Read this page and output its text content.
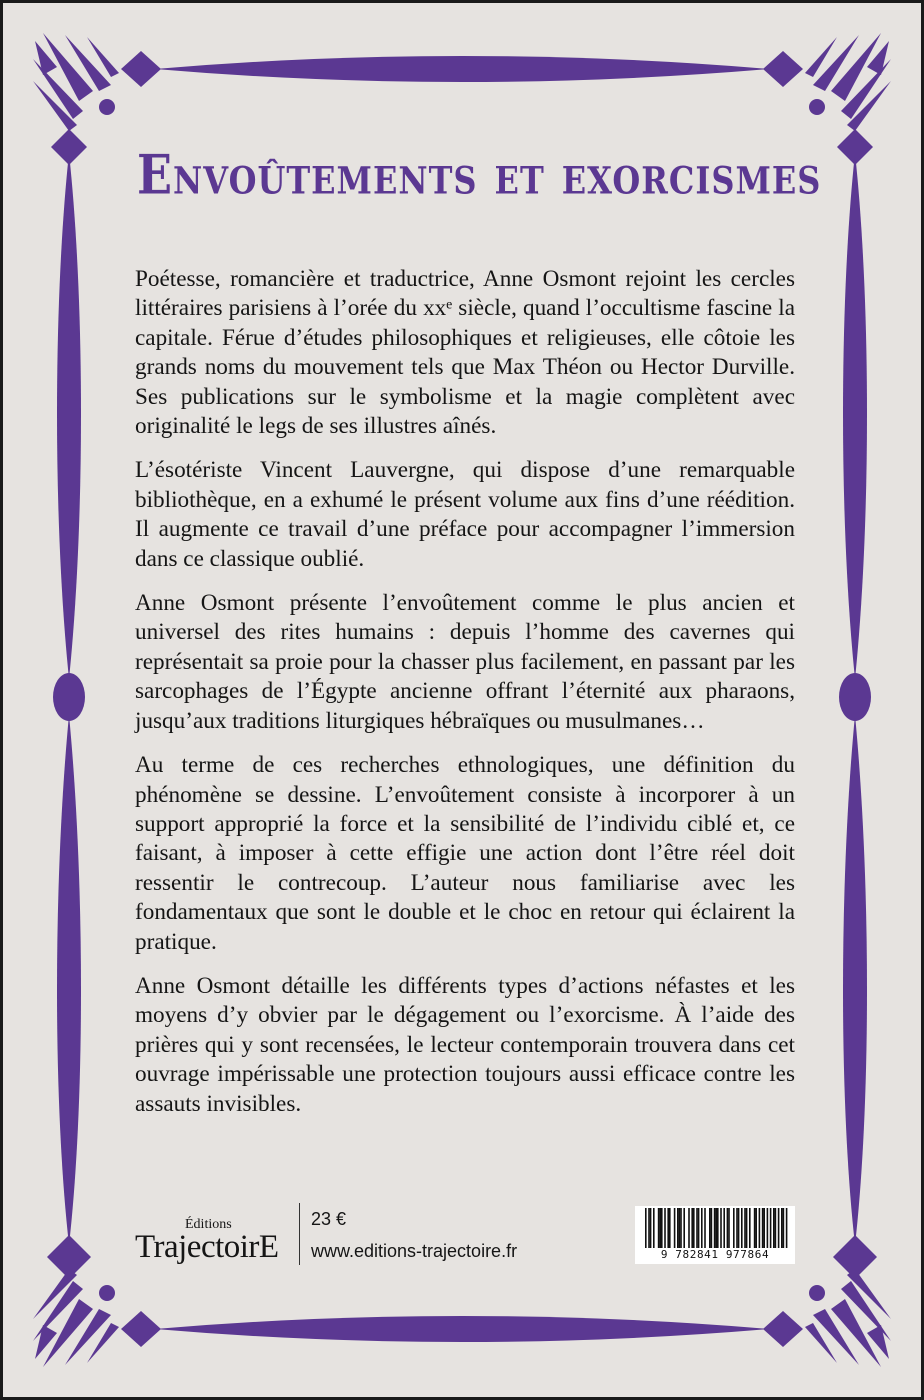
Envoûtements et exorcismes

Poétesse, romancière et traductrice, Anne Osmont rejoint les cercles littéraires parisiens à l’orée du xxᵉ siècle, quand l’occultisme fascine la capitale. Férue d’études philosophiques et religieuses, elle côtoie les grands noms du mouvement tels que Max Théon ou Hector Durville. Ses publications sur le symbolisme et la magie complètent avec originalité le legs de ses illustres aînés.

L’ésotériste Vincent Lauvergne, qui dispose d’une remarquable bibliothèque, en a exhumé le présent volume aux fins d’une réédition. Il augmente ce travail d’une préface pour accompagner l’immersion dans ce classique oublié.

Anne Osmont présente l’envoûtement comme le plus ancien et universel des rites humains : depuis l’homme des cavernes qui représentait sa proie pour la chasser plus facilement, en passant par les sarcophages de l’Égypte ancienne offrant l’éternité aux pharaons, jusqu’aux traditions liturgiques hébraïques ou musulmanes…

Au terme de ces recherches ethnologiques, une définition du phénomène se dessine. L’envoûtement consiste à incorporer à un support approprié la force et la sensibilité de l’individu ciblé et, ce faisant, à imposer à cette effigie une action dont l’être réel doit ressentir le contrecoup. L’auteur nous familiarise avec les fondamentaux que sont le double et le choc en retour qui éclairent la pratique.

Anne Osmont détaille les différents types d’actions néfastes et les moyens d’y obvier par le dégagement ou l’exorcisme. À l’aide des prières qui y sont recensées, le lecteur contemporain trouvera dans cet ouvrage impérissable une protection toujours aussi efficace contre les assauts invisibles.

Éditions
TrajectoirE
23 €
www.editions-trajectoire.fr	9 782841 977864
